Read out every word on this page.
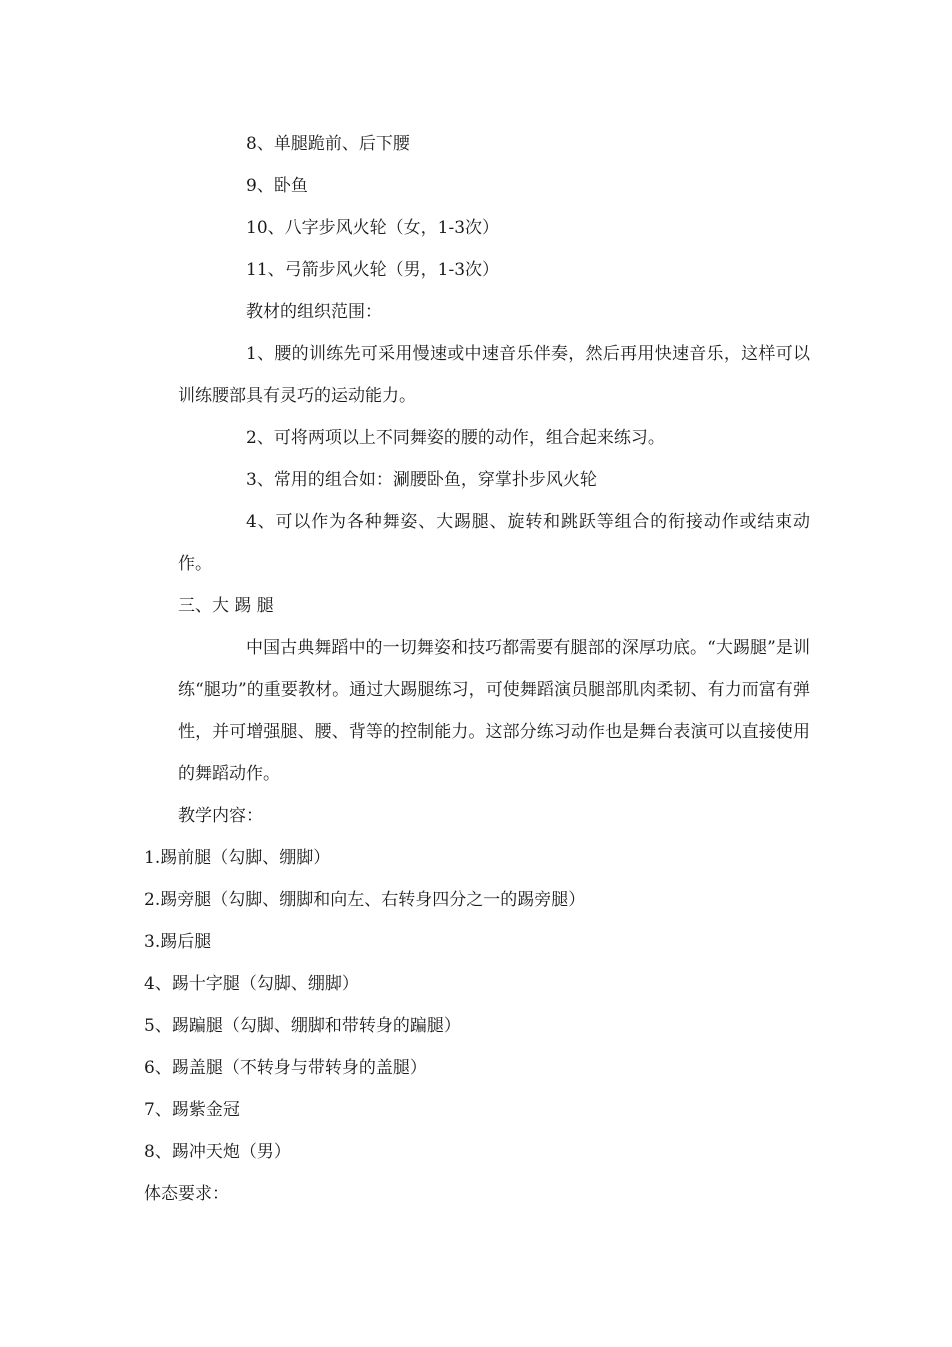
8、单腿跪前、后下腰

9、卧鱼

10、八字步风火轮（女，1-3次）

11、弓箭步风火轮（男，1-3次）

教材的组织范围：

1、腰的训练先可采用慢速或中速音乐伴奏，然后再用快速音乐，这样可以训练腰部具有灵巧的运动能力。

2、可将两项以上不同舞姿的腰的动作，组合起来练习。

3、常用的组合如：涮腰卧鱼，穿掌扑步风火轮

4、可以作为各种舞姿、大踢腿、旋转和跳跃等组合的衔接动作或结束动作。

三、大 踢 腿

中国古典舞蹈中的一切舞姿和技巧都需要有腿部的深厚功底。“大踢腿”是训练“腿功”的重要教材。通过大踢腿练习，可使舞蹈演员腿部肌肉柔韧、有力而富有弹性，并可增强腿、腰、背等的控制能力。这部分练习动作也是舞台表演可以直接使用的舞蹈动作。

教学内容：

1.踢前腿（勾脚、绷脚）

2.踢旁腿（勾脚、绷脚和向左、右转身四分之一的踢旁腿）

3.踢后腿

4、踢十字腿（勾脚、绷脚）

5、踢蹁腿（勾脚、绷脚和带转身的蹁腿）

6、踢盖腿（不转身与带转身的盖腿）

7、踢紫金冠

8、踢冲天炮（男）

体态要求：
